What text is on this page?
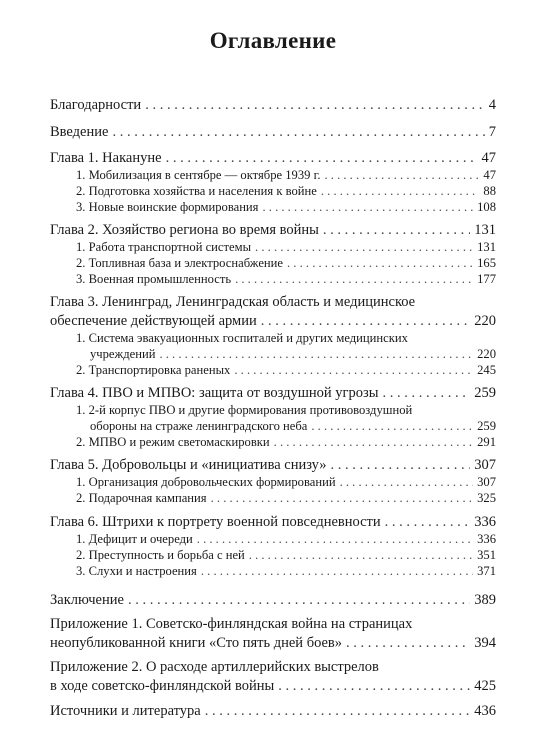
Оглавление
Благодарности . . .	4
Введение . . .	7
Глава 1. Накануне . . .	47
1. Мобилизация в сентябре — октябре 1939 г. . . .	47
2. Подготовка хозяйства и населения к войне . . .	88
3. Новые воинские формирования . . .	108
Глава 2. Хозяйство региона во время войны . . .	131
1. Работа транспортной системы . . .	131
2. Топливная база и электроснабжение . . .	165
3. Военная промышленность . . .	177
Глава 3. Ленинград, Ленинградская область и медицинское
обеспечение действующей армии . . .	220
1. Система эвакуационных госпиталей и других медицинских
учреждений . . .	220
2. Транспортировка раненых . . .	245
Глава 4. ПВО и МПВО: защита от воздушной угрозы . . .	259
1. 2-й корпус ПВО и другие формирования противовоздушной
обороны на страже ленинградского неба . . .	259
2. МПВО и режим светомаскировки . . .	291
Глава 5. Добровольцы и «инициатива снизу» . . .	307
1. Организация добровольческих формирований . . .	307
2. Подарочная кампания . . .	325
Глава 6. Штрихи к портрету военной повседневности . . .	336
1. Дефицит и очереди . . .	336
2. Преступность и борьба с ней . . .	351
3. Слухи и настроения . . .	371
Заключение . . .	389
Приложение 1. Советско-финляндская война на страницах
неопубликованной книги «Сто пять дней боев» . . .	394
Приложение 2. О расходе артиллерийских выстрелов
в ходе советско-финляндской войны . . .	425
Источники и литература . . .	436
